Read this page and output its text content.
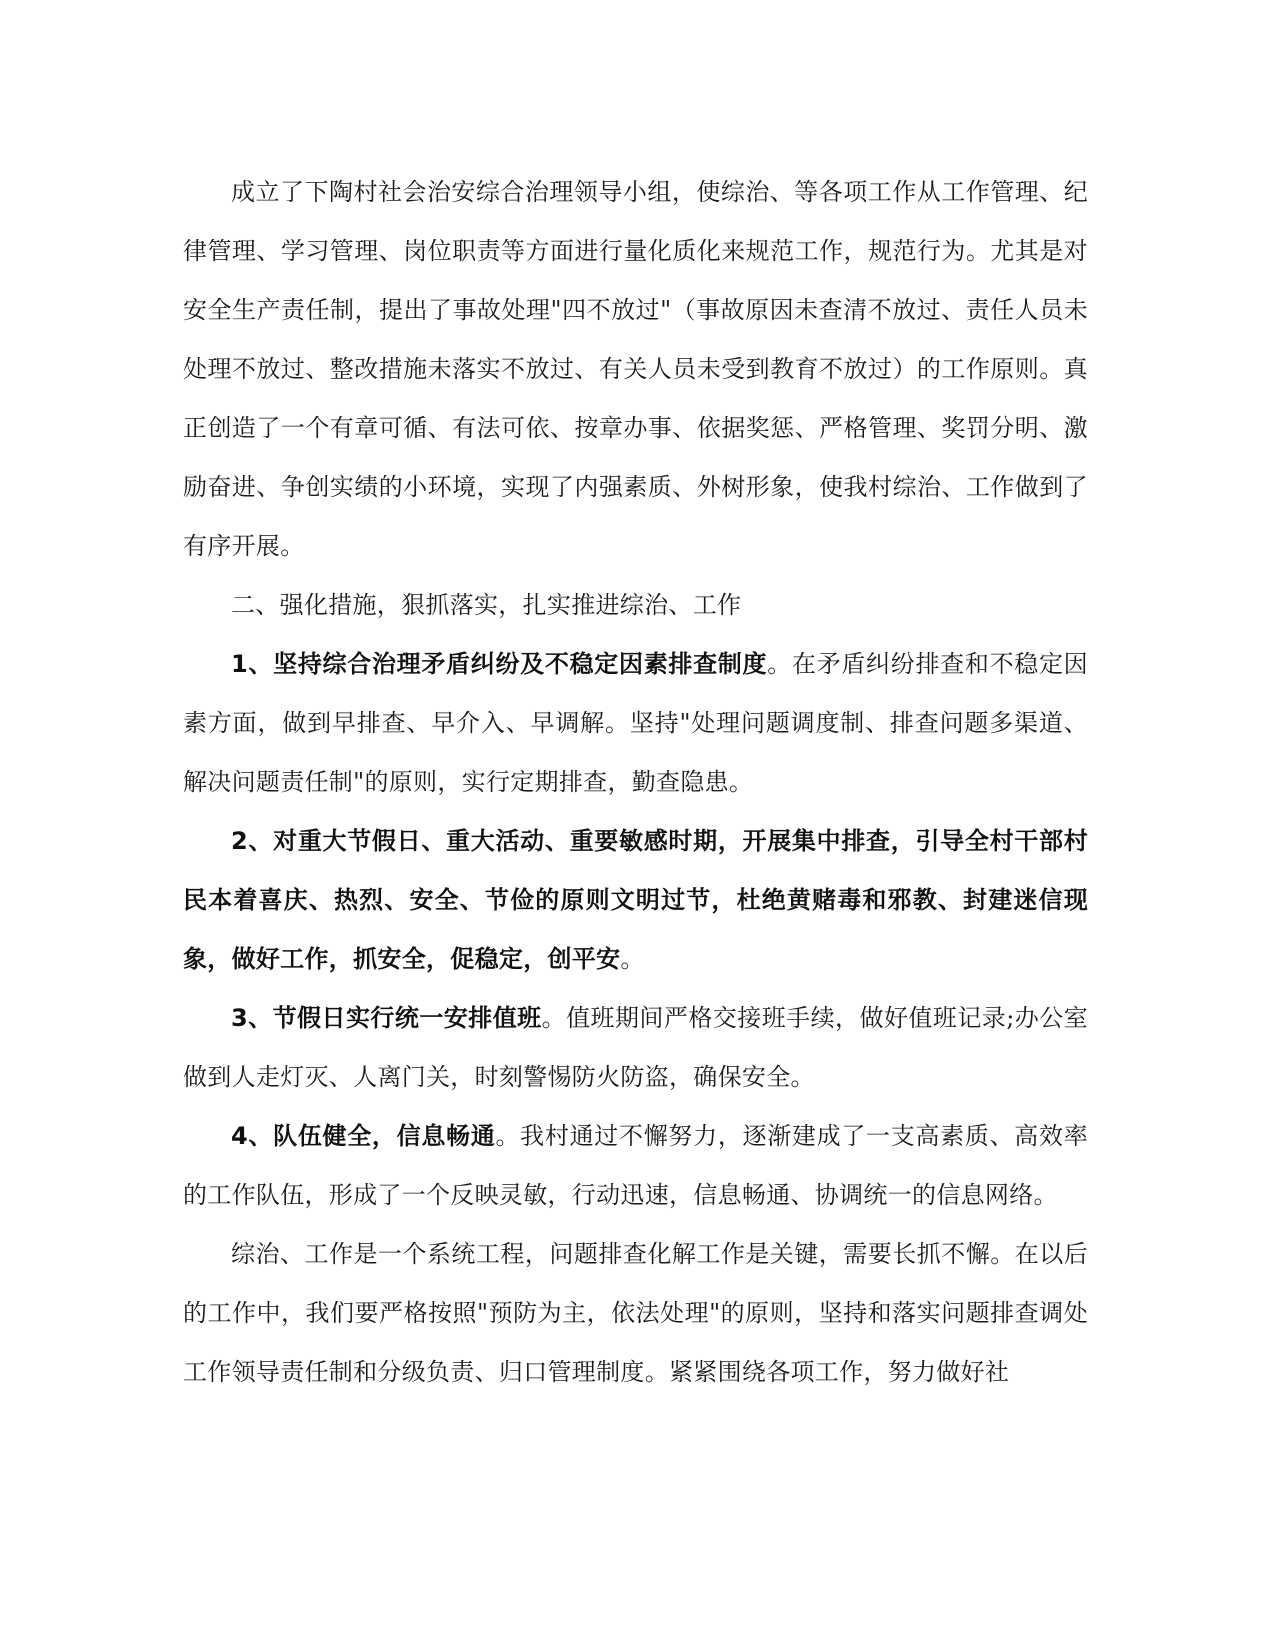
成立了下陶村社会治安综合治理领导小组，使综治、等各项工作从工作管理、纪律管理、学习管理、岗位职责等方面进行量化质化来规范工作，规范行为。尤其是对安全生产责任制，提出了事故处理"四不放过"（事故原因未查清不放过、责任人员未处理不放过、整改措施未落实不放过、有关人员未受到教育不放过）的工作原则。真正创造了一个有章可循、有法可依、按章办事、依据奖惩、严格管理、奖罚分明、激励奋进、争创实绩的小环境，实现了内强素质、外树形象，使我村综治、工作做到了有序开展。

二、强化措施，狠抓落实，扎实推进综治、工作

1、坚持综合治理矛盾纠纷及不稳定因素排查制度。在矛盾纠纷排查和不稳定因素方面，做到早排查、早介入、早调解。坚持"处理问题调度制、排查问题多渠道、解决问题责任制"的原则，实行定期排查，勤查隐患。

2、对重大节假日、重大活动、重要敏感时期，开展集中排查，引导全村干部村民本着喜庆、热烈、安全、节俭的原则文明过节，杜绝黄赌毒和邪教、封建迷信现象，做好工作，抓安全，促稳定，创平安。

3、节假日实行统一安排值班。值班期间严格交接班手续，做好值班记录;办公室做到人走灯灭、人离门关，时刻警惕防火防盗，确保安全。

4、队伍健全，信息畅通。我村通过不懈努力，逐渐建成了一支高素质、高效率的工作队伍，形成了一个反映灵敏，行动迅速，信息畅通、协调统一的信息网络。

综治、工作是一个系统工程，问题排查化解工作是关键，需要长抓不懈。在以后的工作中，我们要严格按照"预防为主，依法处理"的原则，坚持和落实问题排查调处工作领导责任制和分级负责、归口管理制度。紧紧围绕各项工作，努力做好社
